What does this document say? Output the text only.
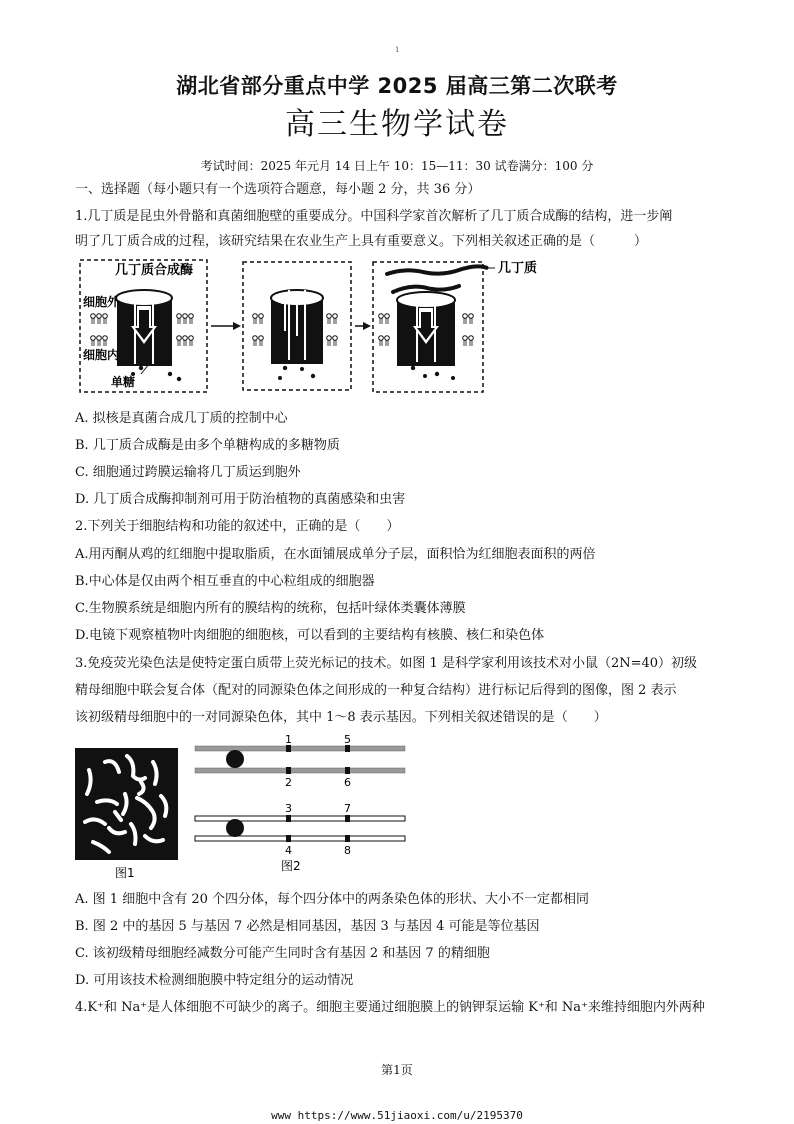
1
湖北省部分重点中学 2025 届高三第二次联考
高三生物学试卷
考试时间：2025 年元月 14 日上午 10：15—11：30 试卷满分：100 分
一、选择题（每小题只有一个选项符合题意，每小题 2 分，共 36 分）
1.几丁质是昆虫外骨骼和真菌细胞壁的重要成分。中国科学家首次解析了几丁质合成酶的结构，进一步阐
明了几丁质合成的过程，该研究结果在农业生产上具有重要意义。下列相关叙述正确的是（　　　）
几丁质合成酶
细胞外
细胞内
单糖
几丁质
A. 拟核是真菌合成几丁质的控制中心
B. 几丁质合成酶是由多个单糖构成的多糖物质
C. 细胞通过跨膜运输将几丁质运到胞外
D. 几丁质合成酶抑制剂可用于防治植物的真菌感染和虫害
2.下列关于细胞结构和功能的叙述中，正确的是（　　）
A.用丙酮从鸡的红细胞中提取脂质，在水面铺展成单分子层，面积恰为红细胞表面积的两倍
B.中心体是仅由两个相互垂直的中心粒组成的细胞器
C.生物膜系统是细胞内所有的膜结构的统称，包括叶绿体类囊体薄膜
D.电镜下观察植物叶肉细胞的细胞核，可以看到的主要结构有核膜、核仁和染色体
3.免疫荧光染色法是使特定蛋白质带上荧光标记的技术。如图 1 是科学家利用该技术对小鼠（2N=40）初级
精母细胞中联会复合体（配对的同源染色体之间形成的一种复合结构）进行标记后得到的图像，图 2 表示
该初级精母细胞中的一对同源染色体，其中 1～8 表示基因。下列相关叙述错误的是（　　）
图1
1	5
2	6
3	7
4	8
图2
A. 图 1 细胞中含有 20 个四分体，每个四分体中的两条染色体的形状、大小不一定都相同
B. 图 2 中的基因 5 与基因 7 必然是相同基因，基因 3 与基因 4 可能是等位基因
C. 该初级精母细胞经减数分可能产生同时含有基因 2 和基因 7 的精细胞
D. 可用该技术检测细胞膜中特定组分的运动情况
4.K⁺和 Na⁺是人体细胞不可缺少的离子。细胞主要通过细胞膜上的钠钾泵运输 K⁺和 Na⁺来维持细胞内外两种
第1页
www https://www.51jiaoxi.com/u/2195370
